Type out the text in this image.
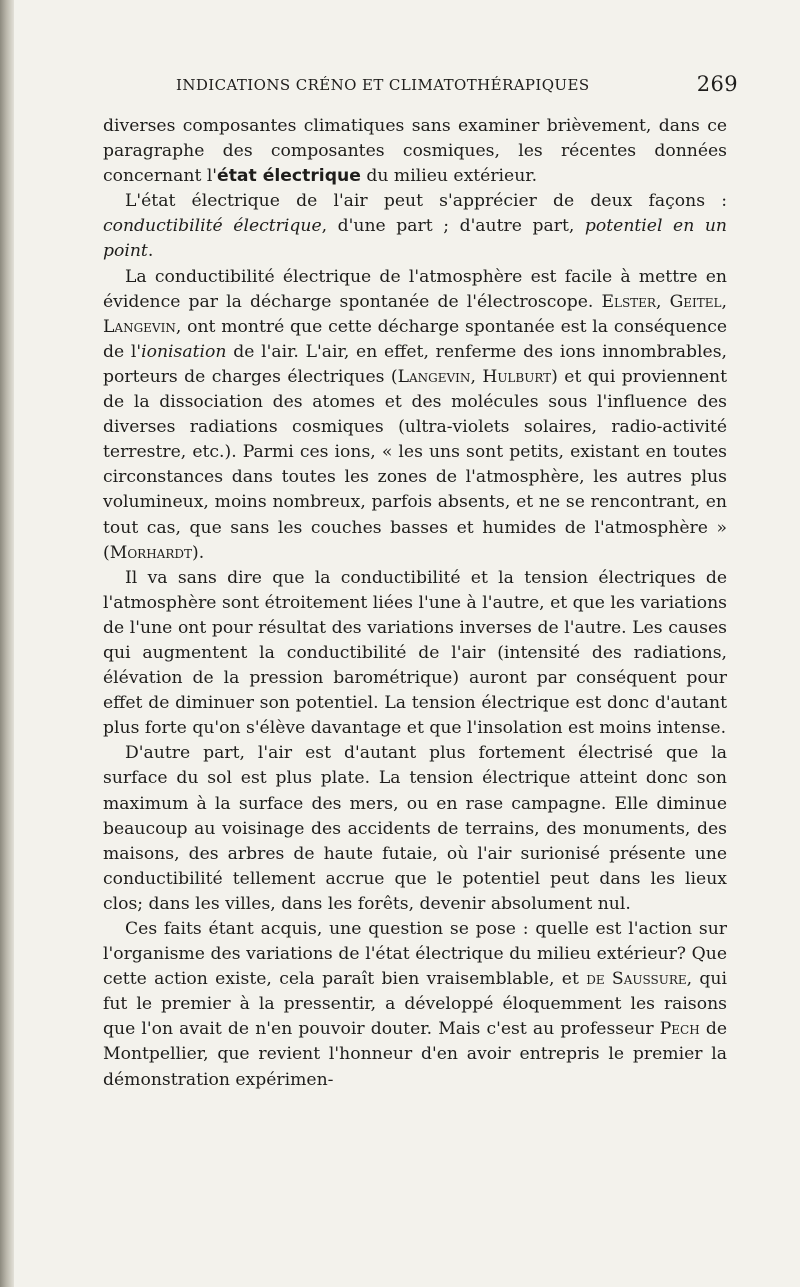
INDICATIONS CRÉNO ET CLIMATOTHÉRAPIQUES	269

diverses composantes climatiques sans examiner brièvement, dans ce paragraphe des composantes cosmiques, les récentes données concernant l'état électrique du milieu extérieur.

L'état électrique de l'air peut s'apprécier de deux façons : conductibilité électrique, d'une part ; d'autre part, potentiel en un point.

La conductibilité électrique de l'atmosphère est facile à mettre en évidence par la décharge spontanée de l'électroscope. Elster, Geitel, Langevin, ont montré que cette décharge spontanée est la conséquence de l'ionisation de l'air. L'air, en effet, renferme des ions innombrables, porteurs de charges électriques (Langevin, Hulburt) et qui proviennent de la dissociation des atomes et des molécules sous l'influence des diverses radiations cosmiques (ultra-violets solaires, radio-activité terrestre, etc.). Parmi ces ions, « les uns sont petits, existant en toutes circonstances dans toutes les zones de l'atmosphère, les autres plus volumineux, moins nombreux, parfois absents, et ne se rencontrant, en tout cas, que sans les couches basses et humides de l'atmosphère » (Morhardt).

Il va sans dire que la conductibilité et la tension électriques de l'atmosphère sont étroitement liées l'une à l'autre, et que les variations de l'une ont pour résultat des variations inverses de l'autre. Les causes qui augmentent la conductibilité de l'air (intensité des radiations, élévation de la pression barométrique) auront par conséquent pour effet de diminuer son potentiel. La tension électrique est donc d'autant plus forte qu'on s'élève davantage et que l'insolation est moins intense.

D'autre part, l'air est d'autant plus fortement électrisé que la surface du sol est plus plate. La tension électrique atteint donc son maximum à la surface des mers, ou en rase campagne. Elle diminue beaucoup au voisinage des accidents de terrains, des monuments, des maisons, des arbres de haute futaie, où l'air surionisé présente une conductibilité tellement accrue que le potentiel peut dans les lieux clos; dans les villes, dans les forêts, devenir absolument nul.

Ces faits étant acquis, une question se pose : quelle est l'action sur l'organisme des variations de l'état électrique du milieu extérieur? Que cette action existe, cela paraît bien vraisemblable, et de Saussure, qui fut le premier à la pressentir, a développé éloquemment les raisons que l'on avait de n'en pouvoir douter. Mais c'est au professeur Pech de Montpellier, que revient l'honneur d'en avoir entrepris le premier la démonstration expérimen-
